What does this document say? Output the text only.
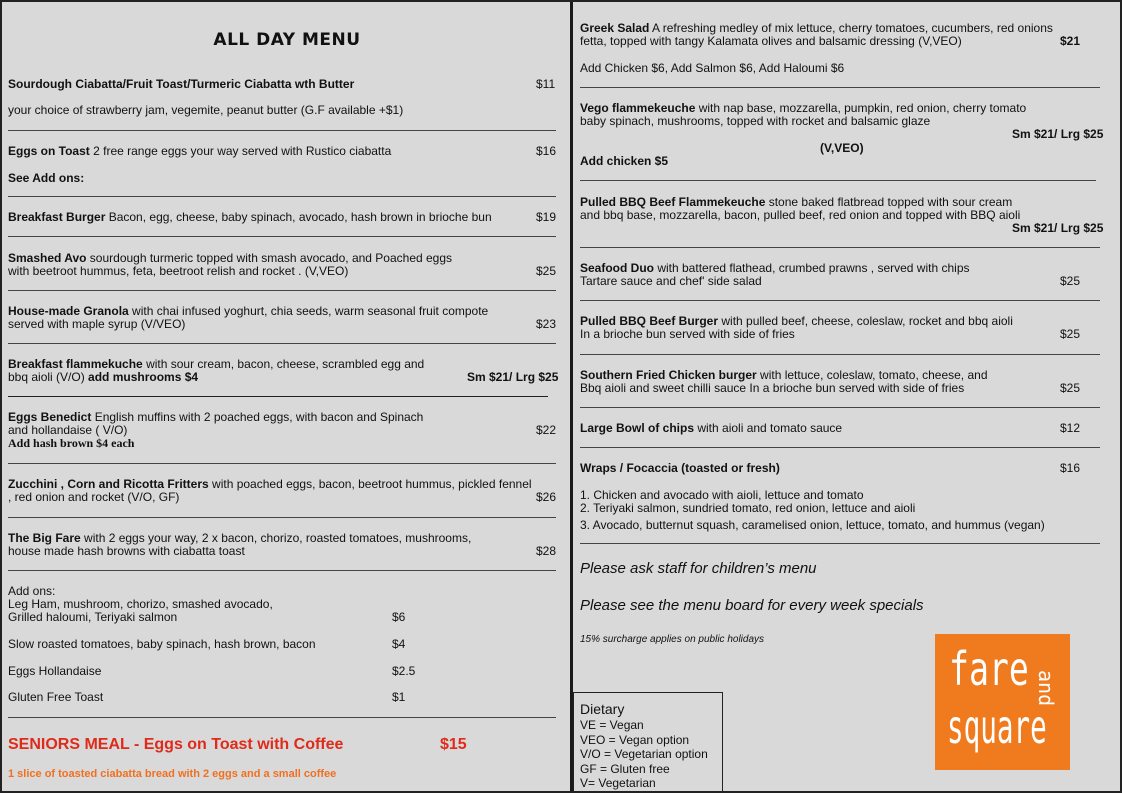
ALL DAY MENU
Sourdough Ciabatta/Fruit Toast/Turmeric Ciabatta wth Butter	$11
your choice of strawberry jam, vegemite, peanut butter (G.F available +$1)
Eggs on Toast 2 free range eggs your way served with Rustico ciabatta	$16
See Add ons:
Breakfast Burger Bacon, egg, cheese, baby spinach, avocado, hash brown in brioche bun	$19
Smashed Avo sourdough turmeric topped with smash avocado, and Poached eggs
with beetroot hummus, feta, beetroot relish and rocket . (V,VEO)	$25
House-made Granola with chai infused yoghurt, chia seeds, warm seasonal fruit compote
served with maple syrup (V/VEO)	$23
Breakfast flammekuche with sour cream, bacon, cheese, scrambled egg and
bbq aioli (V/O) add mushrooms $4	Sm $21/ Lrg $25
Eggs Benedict English muffins with 2 poached eggs, with bacon and Spinach
and hollandaise ( V/O)	$22
Add hash brown $4 each
Zucchini , Corn and Ricotta Fritters with poached eggs, bacon, beetroot hummus, pickled fennel
, red onion and rocket (V/O, GF)	$26
The Big Fare with 2 eggs your way, 2 x bacon, chorizo, roasted tomatoes, mushrooms,
house made hash browns with ciabatta toast	$28
Add ons:
Leg Ham, mushroom, chorizo, smashed avocado,
Grilled haloumi, Teriyaki salmon	$6
Slow roasted tomatoes, baby spinach, hash brown, bacon	$4
Eggs Hollandaise	$2.5
Gluten Free Toast	$1
SENIORS MEAL - Eggs on Toast with Coffee	$15
1 slice of toasted ciabatta bread with 2 eggs and a small coffee
Greek Salad A refreshing medley of mix lettuce, cherry tomatoes, cucumbers, red onions
fetta, topped with tangy Kalamata olives and balsamic dressing (V,VEO)	$21
Add Chicken $6, Add Salmon $6, Add Haloumi $6
Vego flammekeuche with nap base, mozzarella, pumpkin, red onion, cherry tomato
baby spinach, mushrooms, topped with rocket and balsamic glaze
Sm $21/ Lrg $25
(V,VEO)
Add chicken $5
Pulled BBQ Beef Flammekeuche stone baked flatbread topped with sour cream
and bbq base, mozzarella, bacon, pulled beef, red onion and topped with BBQ aioli
Sm $21/ Lrg $25
Seafood Duo with battered flathead, crumbed prawns , served with chips
Tartare sauce and chef' side salad	$25
Pulled BBQ Beef Burger with pulled beef, cheese, coleslaw, rocket and bbq aioli
In a brioche bun served with side of fries	$25
Southern Fried Chicken burger with lettuce, coleslaw, tomato, cheese, and
Bbq aioli and sweet chilli sauce In a brioche bun served with side of fries	$25
Large Bowl of chips with aioli and tomato sauce	$12
Wraps / Focaccia (toasted or fresh)	$16
1. Chicken and avocado with aioli, lettuce and tomato
2. Teriyaki salmon, sundried tomato, red onion, lettuce and aioli
3. Avocado, butternut squash, caramelised onion, lettuce, tomato, and hummus (vegan)
Please ask staff for children’s menu
Please see the menu board for every week specials
15% surcharge applies on public holidays
Dietary
VE = Vegan
VEO = Vegan option
V/O = Vegetarian option
GF = Gluten free
V= Vegetarian
fare and
square
